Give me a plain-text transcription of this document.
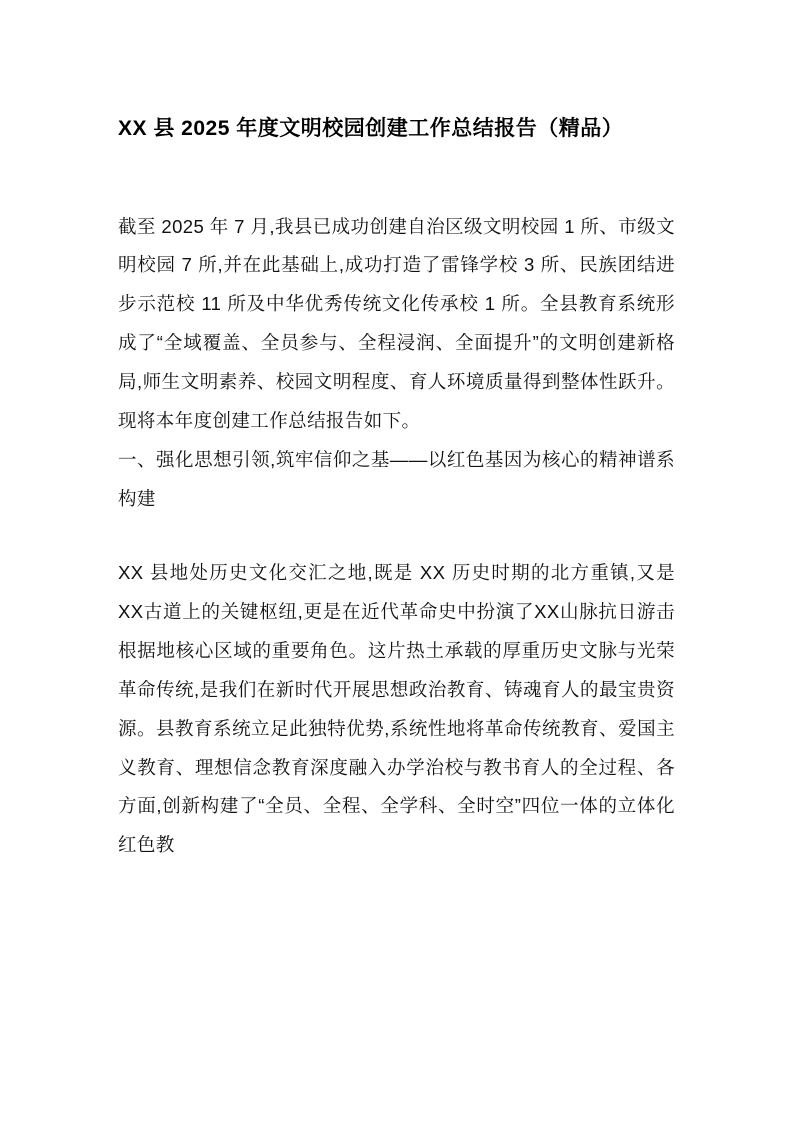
XX 县 2025 年度文明校园创建工作总结报告（精品）

截至 2025 年 7 月,我县已成功创建自治区级文明校园 1 所、市级文明校园 7 所,并在此基础上,成功打造了雷锋学校 3 所、民族团结进步示范校 11 所及中华优秀传统文化传承校 1 所。全县教育系统形成了“全域覆盖、全员参与、全程浸润、全面提升”的文明创建新格局,师生文明素养、校园文明程度、育人环境质量得到整体性跃升。现将本年度创建工作总结报告如下。

一、强化思想引领,筑牢信仰之基——以红色基因为核心的精神谱系构建

XX 县地处历史文化交汇之地,既是 XX 历史时期的北方重镇,又是XX古道上的关键枢纽,更是在近代革命史中扮演了XX山脉抗日游击根据地核心区域的重要角色。这片热土承载的厚重历史文脉与光荣革命传统,是我们在新时代开展思想政治教育、铸魂育人的最宝贵资源。县教育系统立足此独特优势,系统性地将革命传统教育、爱国主义教育、理想信念教育深度融入办学治校与教书育人的全过程、各方面,创新构建了“全员、全程、全学科、全时空”四位一体的立体化红色教
